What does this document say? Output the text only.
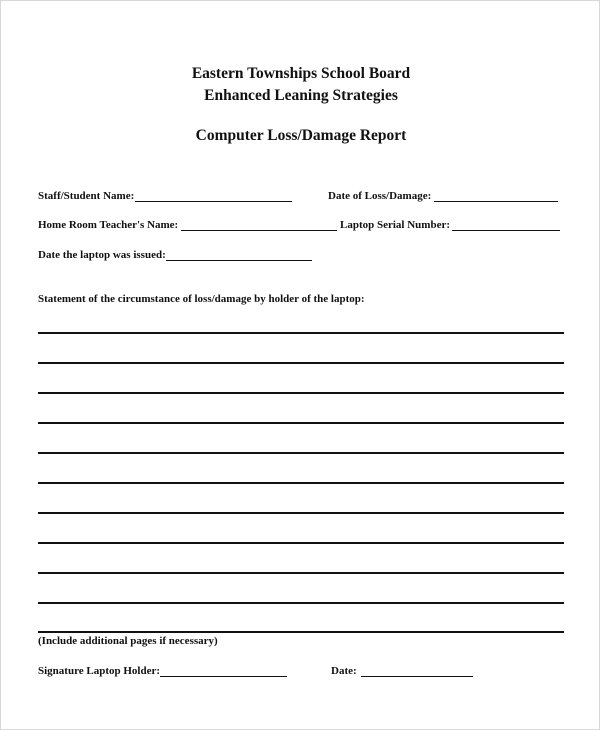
Eastern Townships School Board
Enhanced Leaning Strategies
Computer Loss/Damage Report
Staff/Student Name:	Date of Loss/Damage:
Home Room Teacher's Name:	Laptop Serial Number:
Date the laptop was issued:
Statement of the circumstance of loss/damage by holder of the laptop:
(Include additional pages if necessary)
Signature Laptop Holder:	Date:
